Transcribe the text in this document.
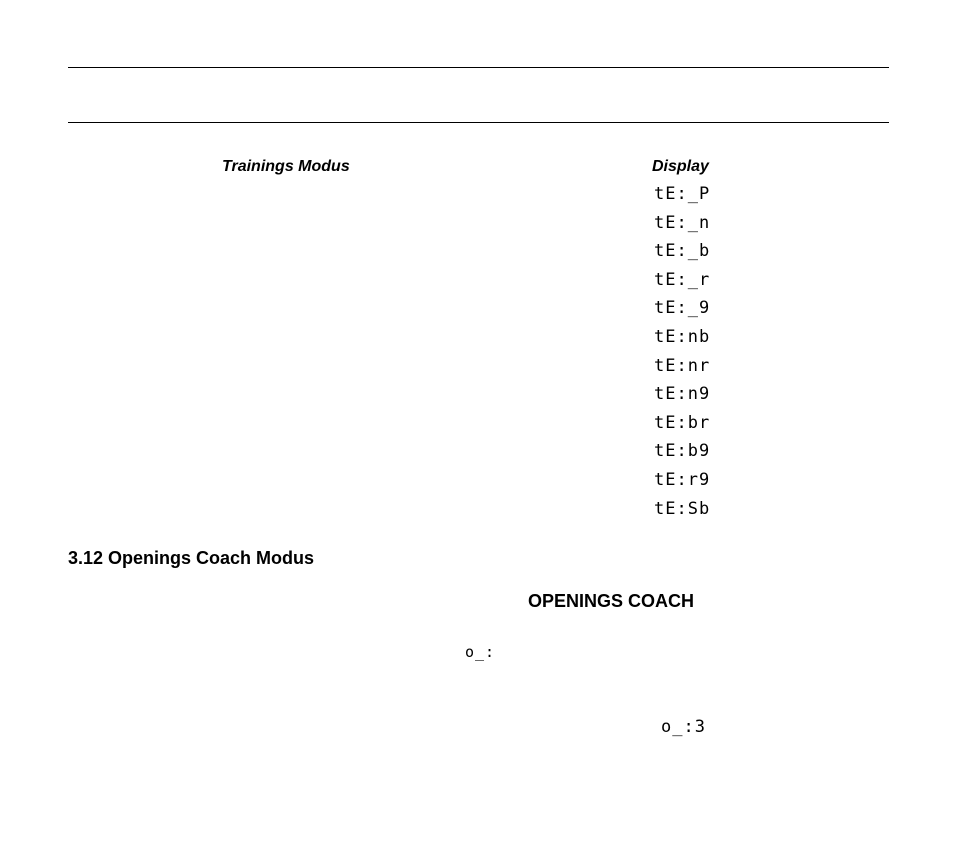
Trainings Modus	Display
tE:_P
tE:_n
tE:_b
tE:_r
tE:_9
tE:nb
tE:nr
tE:n9
tE:br
tE:b9
tE:r9
tE:Sb
3.12 Openings Coach Modus
OPENINGS COACH
o_:
o_:3
